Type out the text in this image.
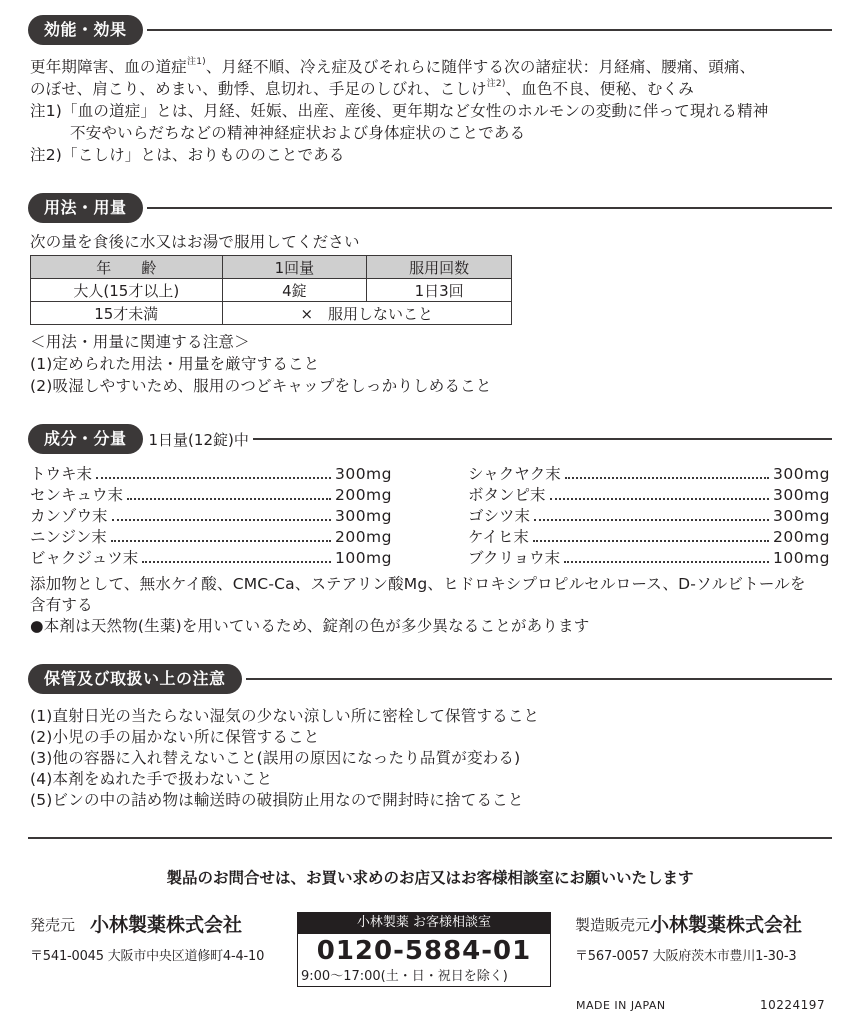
効能・効果
更年期障害、血の道症$^{注1)}$、月経不順、冷え症及びそれらに随伴する次の諸症状：月経痛、腰痛、頭痛、
のぼせ、肩こり、めまい、動悸、息切れ、手足のしびれ、こしけ$^{注2)}$、血色不良、便秘、むくみ
注1)「血の道症」とは、月経、妊娠、出産、産後、更年期など女性のホルモンの変動に伴って現れる精神
不安やいらだちなどの精神神経症状および身体症状のことである
注2)「こしけ」とは、おりもののことである
用法・用量
次の量を食後に水又はお湯で服用してください
年　　齢	1回量	服用回数
大人(15才以上)	4錠	1日3回
15才未満	×　服用しないこと	
＜用法・用量に関連する注意＞
(1)定められた用法・用量を厳守すること
(2)吸湿しやすいため、服用のつどキャップをしっかりしめること
成分・分量	1日量(12錠)中
トウキ末	300mg
センキュウ末	200mg
カンゾウ末	300mg
ニンジン末	200mg
ビャクジュツ末	100mg
シャクヤク末	300mg
ボタンピ末	300mg
ゴシツ末	300mg
ケイヒ末	200mg
ブクリョウ末	100mg
添加物として、無水ケイ酸、CMC-Ca、ステアリン酸Mg、ヒドロキシプロピルセルロース、D-ソルビトールを
含有する
●本剤は天然物(生薬)を用いているため、錠剤の色が多少異なることがあります
保管及び取扱い上の注意
(1)直射日光の当たらない湿気の少ない涼しい所に密栓して保管すること
(2)小児の手の届かない所に保管すること
(3)他の容器に入れ替えないこと(誤用の原因になったり品質が変わる)
(4)本剤をぬれた手で扱わないこと
(5)ビンの中の詰め物は輸送時の破損防止用なので開封時に捨てること
製品のお問合せは、お買い求めのお店又はお客様相談室にお願いいたします
発売元 小林製薬株式会社
〒541-0045 大阪市中央区道修町4-4-10
小林製薬 お客様相談室
0120-5884-01
9:00〜17:00(土・日・祝日を除く)
製造販売元 小林製薬株式会社
〒567-0057 大阪府茨木市豊川1-30-3
MADE IN JAPAN	10224197
